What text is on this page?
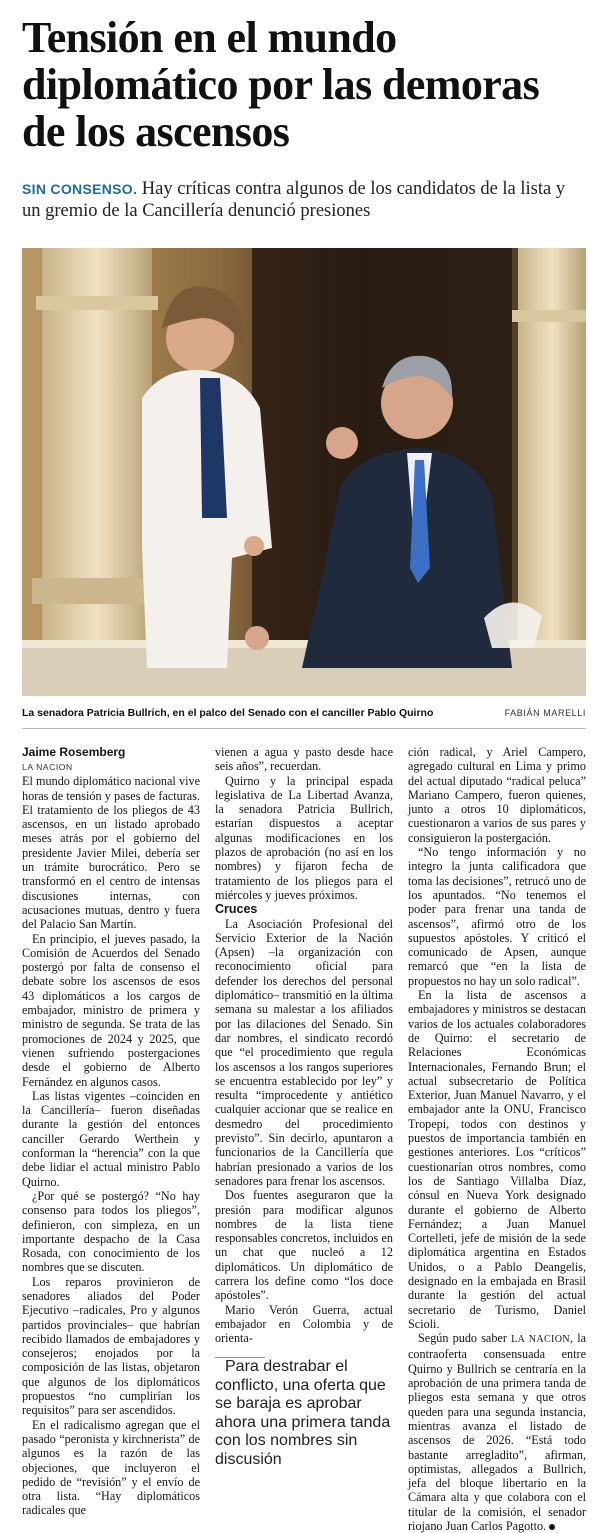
Tensión en el mundo diplomático por las demoras de los ascensos

SIN CONSENSO. Hay críticas contra algunos de los candidatos de la lista y un gremio de la Cancillería denunció presiones

La senadora Patricia Bullrich, en el palco del Senado con el canciller Pablo Quirno	FABIÁN MARELLI

Jaime Rosemberg

LA NACION

El mundo diplomático nacional vive horas de tensión y pases de facturas. El tratamiento de los pliegos de 43 ascensos, en un listado aprobado meses atrás por el gobierno del presidente Javier Milei, debería ser un trámite burocrático. Pero se transformó en el centro de intensas discusiones internas, con acusaciones mutuas, dentro y fuera del Palacio San Martín.

En principio, el jueves pasado, la Comisión de Acuerdos del Senado postergó por falta de consenso el debate sobre los ascensos de esos 43 diplomáticos a los cargos de embajador, ministro de primera y ministro de segunda. Se trata de las promociones de 2024 y 2025, que vienen sufriendo postergaciones desde el gobierno de Alberto Fernández en algunos casos.

Las listas vigentes –coinciden en la Cancillería– fueron diseñadas durante la gestión del entonces canciller Gerardo Werthein y conforman la “herencia” con la que debe lidiar el actual ministro Pablo Quirno.

¿Por qué se postergó? “No hay consenso para todos los pliegos”, definieron, con simpleza, en un importante despacho de la Casa Rosada, con conocimiento de los nombres que se discuten.

Los reparos provinieron de senadores aliados del Poder Ejecutivo –radicales, Pro y algunos partidos provinciales– que habrían recibido llamados de embajadores y consejeros; enojados por la composición de las listas, objetaron que algunos de los diplomáticos propuestos “no cumplirían los requisitos” para ser ascendidos.

En el radicalismo agregan que el pasado “peronista y kirchnerista” de algunos es la razón de las objeciones, que incluyeron el pedido de “revisión” y el envío de otra lista. “Hay diplomáticos radicales que

vienen a agua y pasto desde hace seis años”, recuerdan.

Quirno y la principal espada legislativa de La Libertad Avanza, la senadora Patricia Bullrich, estarían dispuestos a aceptar algunas modificaciones en los plazos de aprobación (no así en los nombres) y fijaron fecha de tratamiento de los pliegos para el miércoles y jueves próximos.

Cruces

La Asociación Profesional del Servicio Exterior de la Nación (Apsen) –la organización con reconocimiento oficial para defender los derechos del personal diplomático– transmitió en la última semana su malestar a los afiliados por las dilaciones del Senado. Sin dar nombres, el sindicato recordó que “el procedimiento que regula los ascensos a los rangos superiores se encuentra establecido por ley” y resulta “improcedente y antiético cualquier accionar que se realice en desmedro del procedimiento previsto”. Sin decirlo, apuntaron a funcionarios de la Cancillería que habrían presionado a varios de los senadores para frenar los ascensos.

Dos fuentes aseguraron que la presión para modificar algunos nombres de la lista tiene responsables concretos, incluidos en un chat que nucleó a 12 diplomáticos. Un diplomático de carrera los define como “los doce apóstoles”.

Mario Verón Guerra, actual embajador en Colombia y de orienta-

Para destrabar el conflicto, una oferta que se baraja es aprobar ahora una primera tanda con los nombres sin discusión

ción radical, y Ariel Campero, agregado cultural en Lima y primo del actual diputado “radical peluca” Mariano Campero, fueron quienes, junto a otros 10 diplomáticos, cuestionaron a varios de sus pares y consiguieron la postergación.

“No tengo información y no integro la junta calificadora que toma las decisiones”, retrucó uno de los apuntados. “No tenemos el poder para frenar una tanda de ascensos”, afirmó otro de los supuestos apóstoles. Y criticó el comunicado de Apsen, aunque remarcó que “en la lista de propuestos no hay un solo radical”.

En la lista de ascensos a embajadores y ministros se destacan varios de los actuales colaboradores de Quirno: el secretario de Relaciones Económicas Internacionales, Fernando Brun; el actual subsecretario de Política Exterior, Juan Manuel Navarro, y el embajador ante la ONU, Francisco Tropepi, todos con destinos y puestos de importancia también en gestiones anteriores. Los “críticos” cuestionarían otros nombres, como los de Santiago Villalba Díaz, cónsul en Nueva York designado durante el gobierno de Alberto Fernández; a Juan Manuel Cortelleti, jefe de misión de la sede diplomática argentina en Estados Unidos, o a Pablo Deangelis, designado en la embajada en Brasil durante la gestión del actual secretario de Turismo, Daniel Scioli.

Según pudo saber LA NACION, la contraoferta consensuada entre Quirno y Bullrich se centraría en la aprobación de una primera tanda de pliegos esta semana y que otros queden para una segunda instancia, mientras avanza el listado de ascensos de 2026. “Está todo bastante arregladito”, afirman, optimistas, allegados a Bullrich, jefa del bloque libertario en la Cámara alta y que colabora con el titular de la comisión, el senador riojano Juan Carlos Pagotto.
